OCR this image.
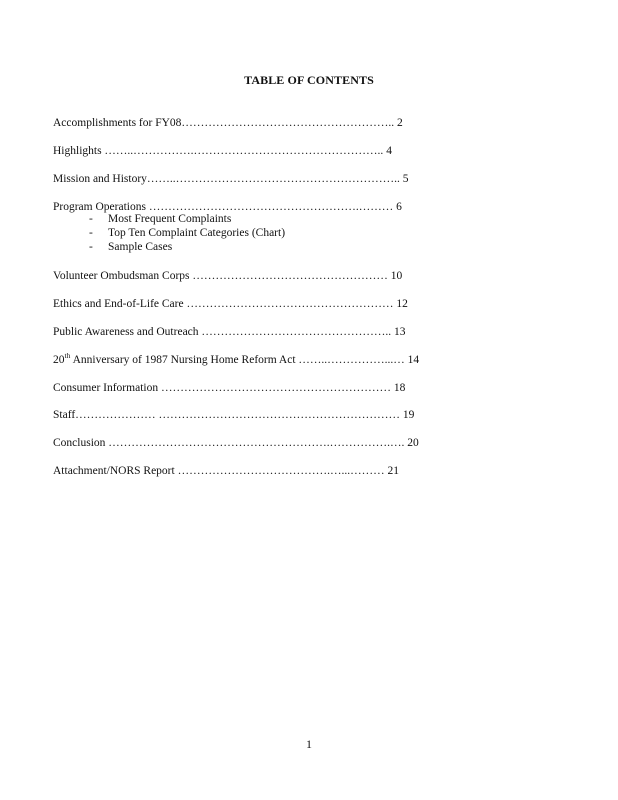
TABLE OF CONTENTS
Accomplishments for FY08……………………………………………….. 2
Highlights ……..…………….………………………………………….. 4
Mission and History……..………………………………………………….. 5
Program Operations ……………………………………………….……… 6
- Most Frequent Complaints
- Top Ten Complaint Categories (Chart)
- Sample Cases
Volunteer Ombudsman Corps …………………………………………… 10
Ethics and End-of-Life Care ……………………………………………… 12
Public Awareness and Outreach ………………………………………….. 13
20th Anniversary of 1987 Nursing Home Reform Act ……..……………...… 14
Consumer Information …………………………………………………… 18
Staff………………… ……………………………………………………… 19
Conclusion ………………………………………………….…………….…. 20
Attachment/NORS Report ………………………………….…...……… 21
1
